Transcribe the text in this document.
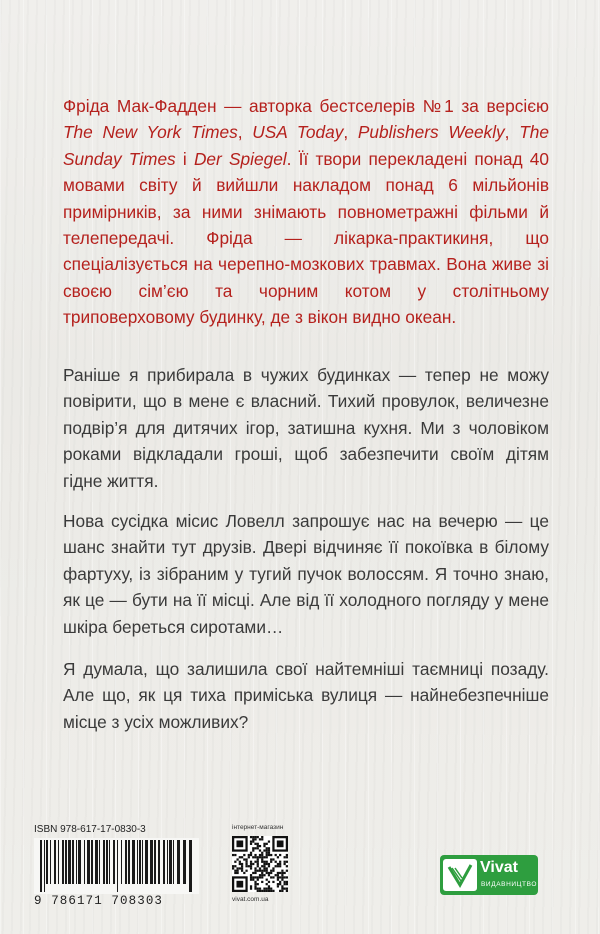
Фріда Мак-Фадден — авторка бестселерів №1 за версією The New York Times, USA Today, Publishers Weekly, The Sunday Times і Der Spiegel. Її твори перекладені понад 40 мовами світу й вийшли накладом понад 6 мільйонів примірників, за ними знімають повнометражні фільми й телепередачі. Фріда — лікарка-практикиня, що спеціалізується на черепно-мозкових травмах. Вона живе зі своєю сім’єю та чорним котом у столітньому триповерховому будинку, де з вікон видно океан.
Раніше я прибирала в чужих будинках — тепер не можу повірити, що в мене є власний. Тихий провулок, величезне подвір’я для дитячих ігор, затишна кухня. Ми з чоловіком роками відкладали гроші, щоб забезпечити своїм дітям гідне життя.
Нова сусідка місис Ловелл запрошує нас на вечерю — це шанс знайти тут друзів. Двері відчиняє її покоївка в білому фартуху, із зібраним у тугий пучок волоссям. Я точно знаю, як це — бути на її місці. Але від її холодного погляду у мене шкіра береться сиротами…
Я думала, що залишила свої найтемніші таємниці позаду. Але що, як ця тиха приміська вулиця — найнебезпечніше місце з усіх можливих?
ISBN 978-617-17-0830-3
9 786171 708303
інтернет-магазин
vivat.com.ua
Vivat
ВИДАВНИЦТВО
